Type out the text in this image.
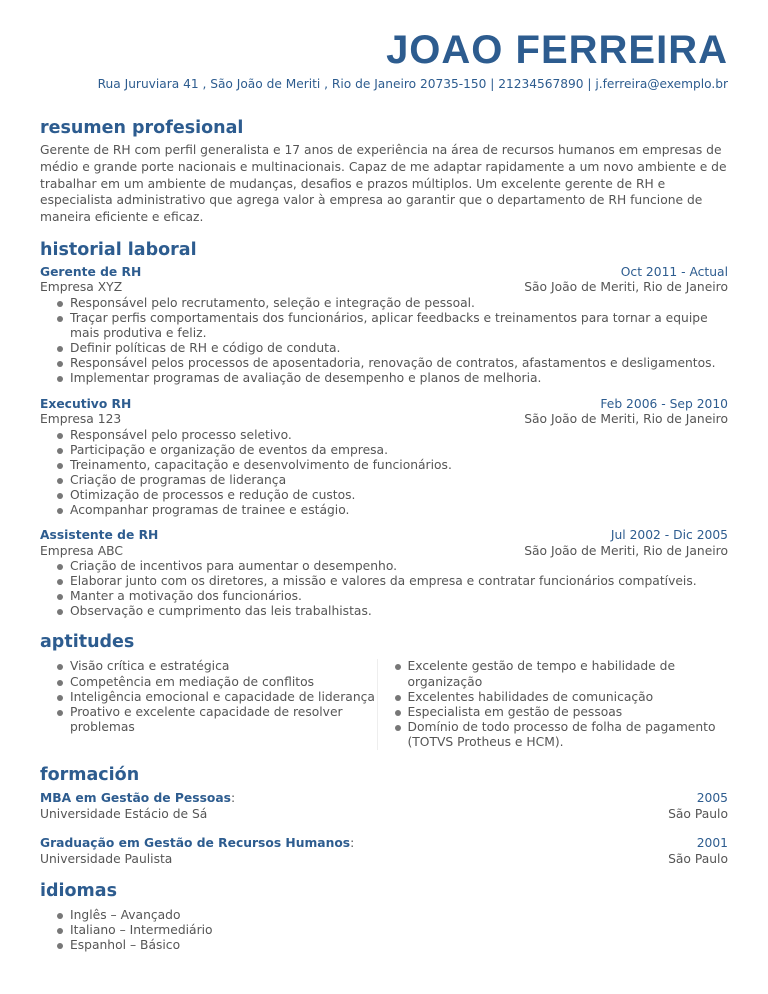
JOAO FERREIRA
Rua Juruviara 41 , São João de Meriti , Rio de Janeiro 20735-150 | 21234567890 | j.ferreira@exemplo.br
resumen profesional
Gerente de RH com perfil generalista e 17 anos de experiência na área de recursos humanos em empresas de médio e grande porte nacionais e multinacionais. Capaz de me adaptar rapidamente a um novo ambiente e de trabalhar em um ambiente de mudanças, desafios e prazos múltiplos. Um excelente gerente de RH e especialista administrativo que agrega valor à empresa ao garantir que o departamento de RH funcione de maneira eficiente e eficaz.
historial laboral
Gerente de RH	Oct 2011 - Actual
Empresa XYZ	São João de Meriti, Rio de Janeiro
Responsável pelo recrutamento, seleção e integração de pessoal.
Traçar perfis comportamentais dos funcionários, aplicar feedbacks e treinamentos para tornar a equipe mais produtiva e feliz.
Definir políticas de RH e código de conduta.
Responsável pelos processos de aposentadoria, renovação de contratos, afastamentos e desligamentos.
Implementar programas de avaliação de desempenho e planos de melhoria.
Executivo RH	Feb 2006 - Sep 2010
Empresa 123	São João de Meriti, Rio de Janeiro
Responsável pelo processo seletivo.
Participação e organização de eventos da empresa.
Treinamento, capacitação e desenvolvimento de funcionários.
Criação de programas de liderança
Otimização de processos e redução de custos.
Acompanhar programas de trainee e estágio.
Assistente de RH	Jul 2002 - Dic 2005
Empresa ABC	São João de Meriti, Rio de Janeiro
Criação de incentivos para aumentar o desempenho.
Elaborar junto com os diretores, a missão e valores da empresa e contratar funcionários compatíveis.
Manter a motivação dos funcionários.
Observação e cumprimento das leis trabalhistas.
aptitudes
Visão crítica e estratégica
Competência em mediação de conflitos
Inteligência emocional e capacidade de liderança
Proativo e excelente capacidade de resolver problemas
Excelente gestão de tempo e habilidade de organização
Excelentes habilidades de comunicação
Especialista em gestão de pessoas
Domínio de todo processo de folha de pagamento (TOTVS Protheus e HCM).
formación
MBA em Gestão de Pessoas:	2005
Universidade Estácio de Sá	São Paulo
Graduação em Gestão de Recursos Humanos:	2001
Universidade Paulista	São Paulo
idiomas
Inglês – Avançado
Italiano – Intermediário
Espanhol – Básico
